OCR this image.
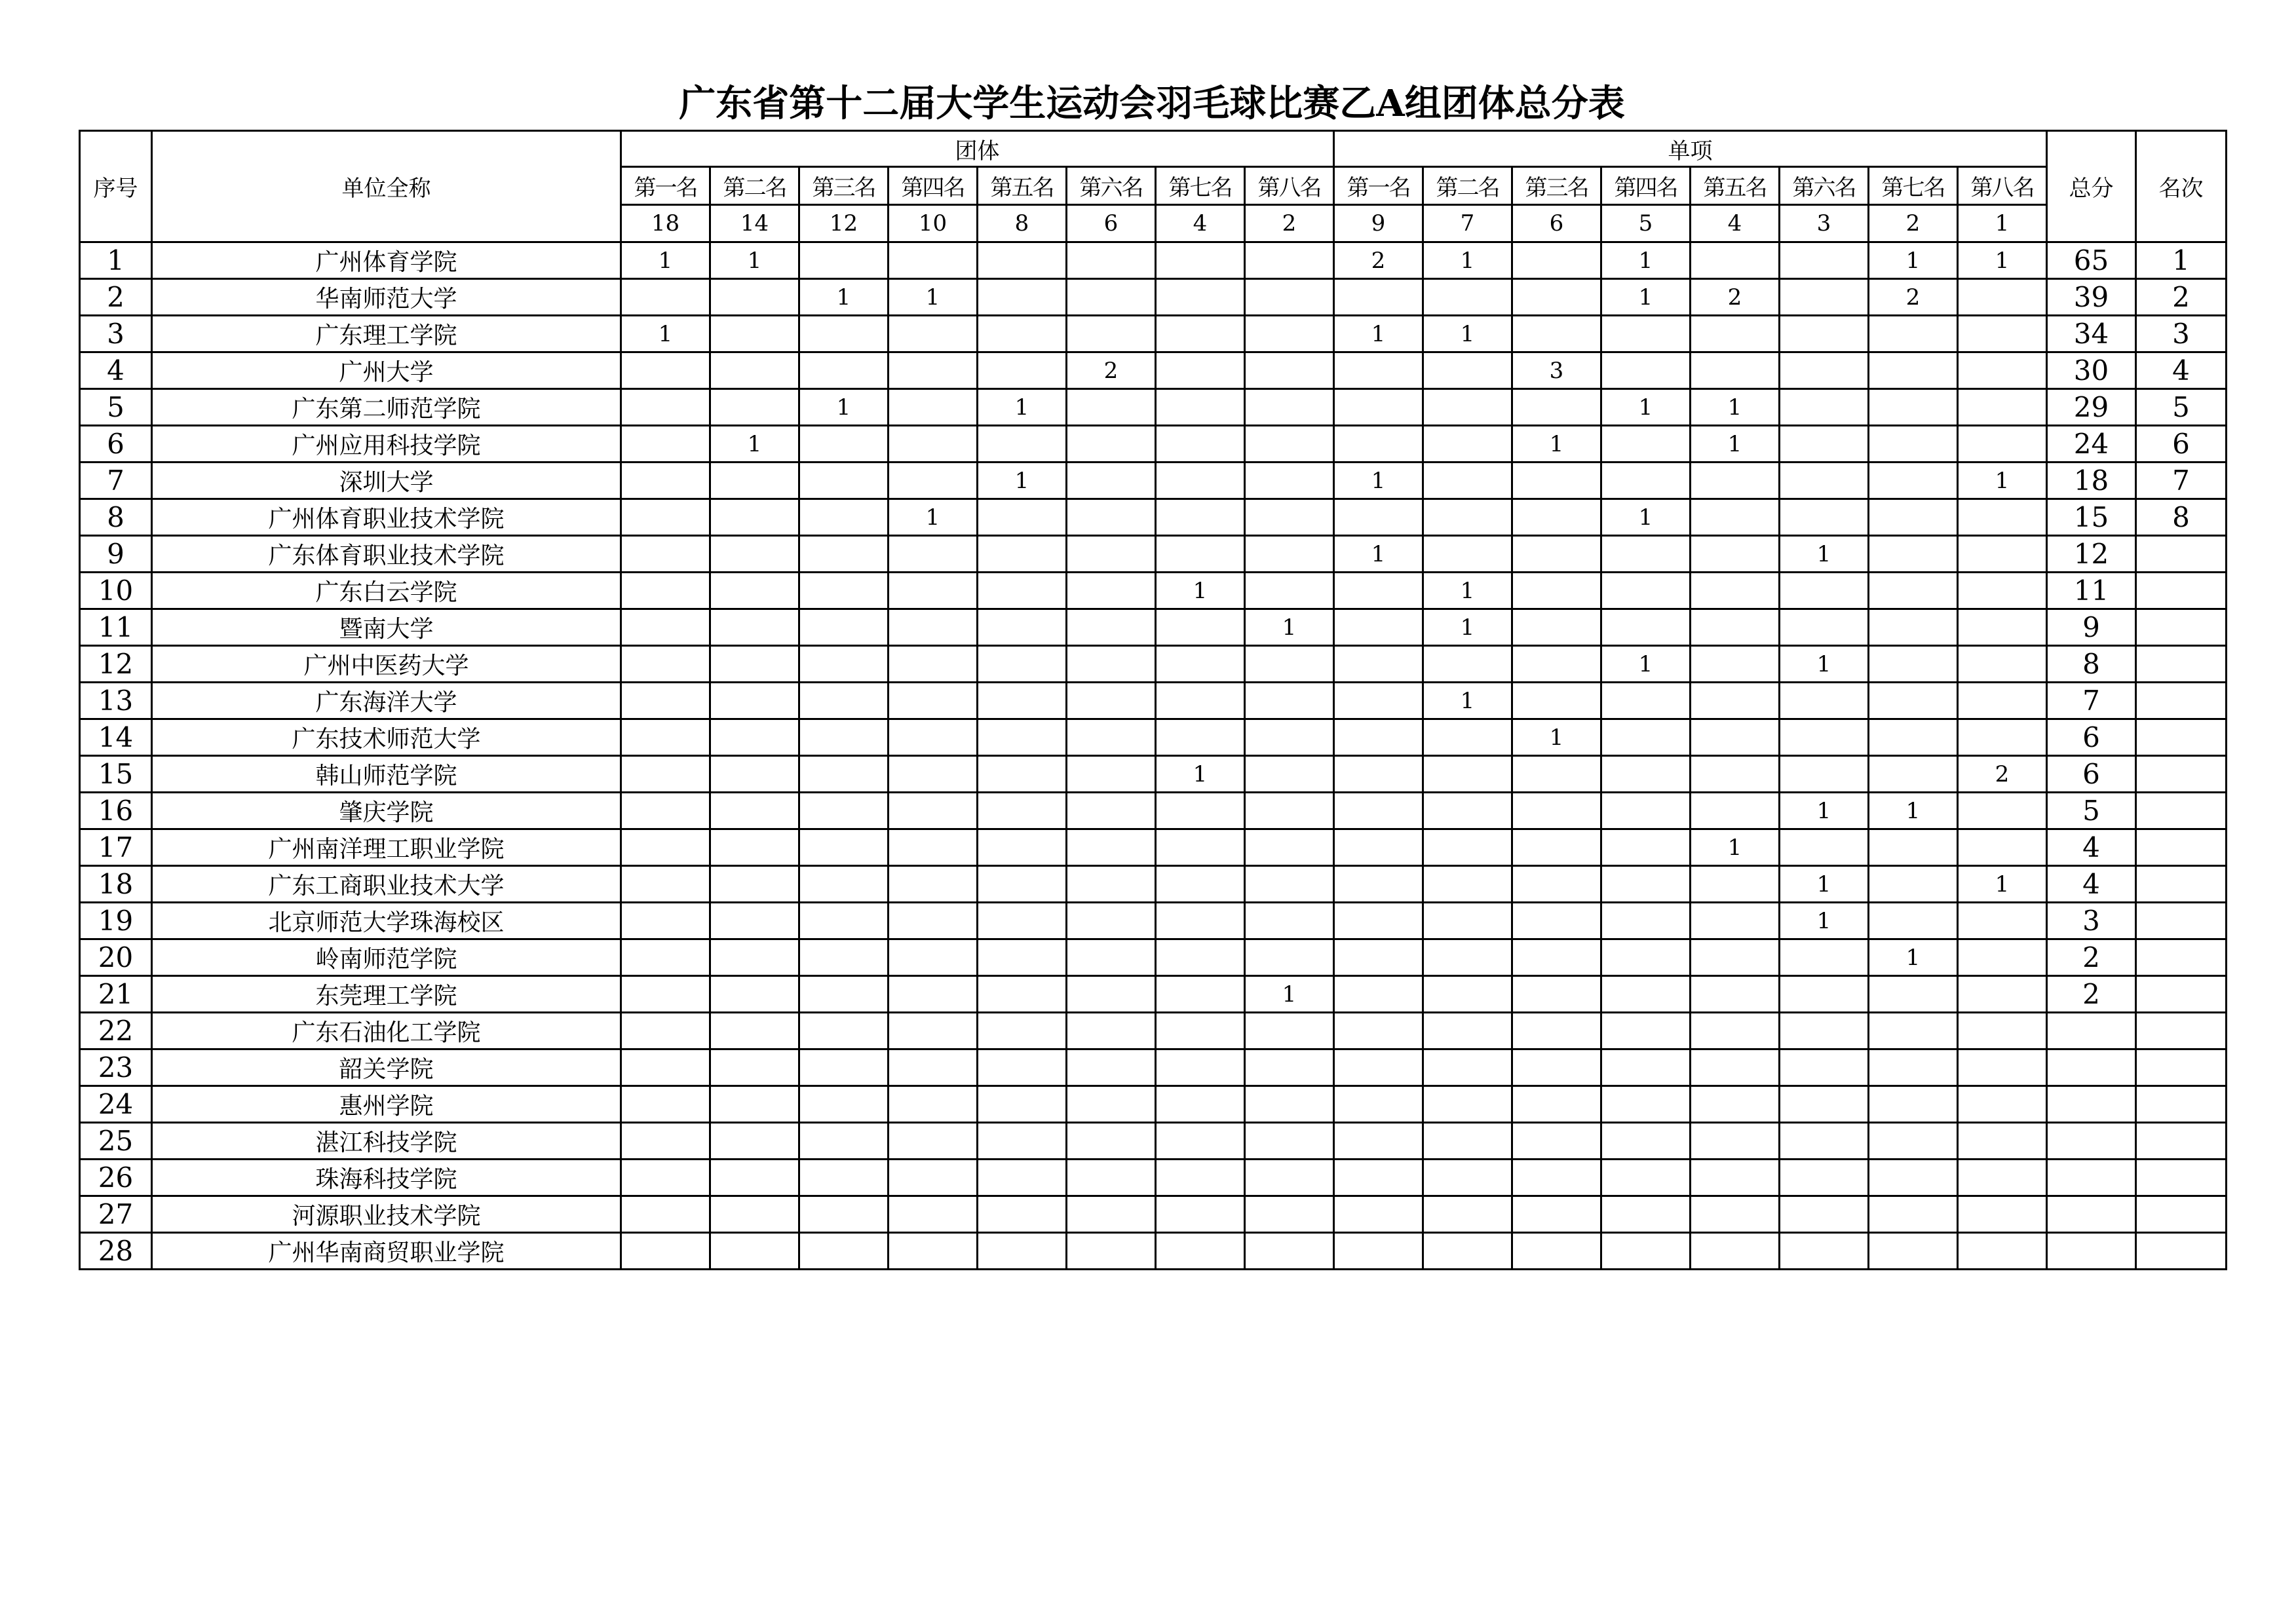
广东省第十二届大学生运动会羽毛球比赛乙A组团体总分表
序号	单位全称	团体								单项								总分	名次
		第一名	第二名	第三名	第四名	第五名	第六名	第七名	第八名	第一名	第二名	第三名	第四名	第五名	第六名	第七名	第八名		
		18	14	12	10	8	6	4	2	9	7	6	5	4	3	2	1		
1	广州体育学院	1	1							2	1		1			1	1	65	1
2	华南师范大学			1	1								1	2		2		39	2
3	广东理工学院	1								1	1							34	3
4	广州大学						2					3						30	4
5	广东第二师范学院			1		1							1	1				29	5
6	广州应用科技学院		1									1		1				24	6
7	深圳大学					1				1							1	18	7
8	广州体育职业技术学院				1								1					15	8
9	广东体育职业技术学院									1					1			12	
10	广东白云学院							1			1							11	
11	暨南大学								1		1							9	
12	广州中医药大学												1		1			8	
13	广东海洋大学										1							7	
14	广东技术师范大学											1						6	
15	韩山师范学院							1									2	6	
16	肇庆学院														1	1		5	
17	广州南洋理工职业学院													1				4	
18	广东工商职业技术大学														1		1	4	
19	北京师范大学珠海校区														1			3	
20	岭南师范学院															1		2	
21	东莞理工学院								1									2	
22	广东石油化工学院																		
23	韶关学院																		
24	惠州学院																		
25	湛江科技学院																		
26	珠海科技学院																		
27	河源职业技术学院																		
28	广州华南商贸职业学院																		
